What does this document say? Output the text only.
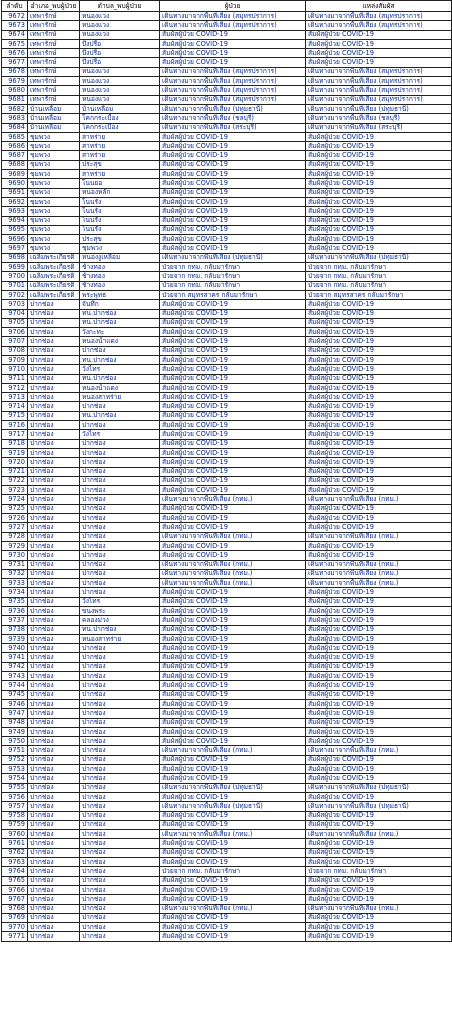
ลำดับ	อำเภอ_พบผู้ป่วย	ตำบล_พบผู้ป่วย	ผู้ป่วย	แหล่งสัมผัส
9672	เทพารักษ์	หนองแวง	เดินทางมาจากพื้นที่เสี่ยง (สมุทรปราการ)	เดินทางมาจากพื้นที่เสี่ยง (สมุทรปราการ)
9673	เทพารักษ์	หนองแวง	เดินทางมาจากพื้นที่เสี่ยง (สมุทรปราการ)	เดินทางมาจากพื้นที่เสี่ยง (สมุทรปราการ)
9674	เทพารักษ์	หนองแวง	สัมผัสผู้ป่วย COVID-19	สัมผัสผู้ป่วย COVID-19
9675	เทพารักษ์	บึงปรือ	สัมผัสผู้ป่วย COVID-19	สัมผัสผู้ป่วย COVID-19
9676	เทพารักษ์	บึงปรือ	สัมผัสผู้ป่วย COVID-19	สัมผัสผู้ป่วย COVID-19
9677	เทพารักษ์	บึงปรือ	สัมผัสผู้ป่วย COVID-19	สัมผัสผู้ป่วย COVID-19
9678	เทพารักษ์	หนองแวง	เดินทางมาจากพื้นที่เสี่ยง (สมุทรปราการ)	เดินทางมาจากพื้นที่เสี่ยง (สมุทรปราการ)
9679	เทพารักษ์	หนองแวง	เดินทางมาจากพื้นที่เสี่ยง (สมุทรปราการ)	เดินทางมาจากพื้นที่เสี่ยง (สมุทรปราการ)
9680	เทพารักษ์	หนองแวง	เดินทางมาจากพื้นที่เสี่ยง (สมุทรปราการ)	เดินทางมาจากพื้นที่เสี่ยง (สมุทรปราการ)
9681	เทพารักษ์	หนองแวง	เดินทางมาจากพื้นที่เสี่ยง (สมุทรปราการ)	เดินทางมาจากพื้นที่เสี่ยง (สมุทรปราการ)
9682	บ้านเหลื่อม	บ้านเหลื่อม	เดินทางมาจากพื้นที่เสี่ยง (ปทุมธานี)	เดินทางมาจากพื้นที่เสี่ยง (ปทุมธานี)
9683	บ้านเหลื่อม	โคกกระเบื้อง	เดินทางมาจากพื้นที่เสี่ยง (ชลบุรี)	เดินทางมาจากพื้นที่เสี่ยง (ชลบุรี)
9684	บ้านเหลื่อม	โคกกระเบื้อง	เดินทางมาจากพื้นที่เสี่ยง (สระบุรี)	เดินทางมาจากพื้นที่เสี่ยง (สระบุรี)
9685	ชุมพวง	สาหร่าย	สัมผัสผู้ป่วย COVID-19	สัมผัสผู้ป่วย COVID-19
9686	ชุมพวง	สาหร่าย	สัมผัสผู้ป่วย COVID-19	สัมผัสผู้ป่วย COVID-19
9687	ชุมพวง	สาหร่าย	สัมผัสผู้ป่วย COVID-19	สัมผัสผู้ป่วย COVID-19
9688	ชุมพวง	ประสุข	สัมผัสผู้ป่วย COVID-19	สัมผัสผู้ป่วย COVID-19
9689	ชุมพวง	สาหร่าย	สัมผัสผู้ป่วย COVID-19	สัมผัสผู้ป่วย COVID-19
9690	ชุมพวง	โนนยอ	สัมผัสผู้ป่วย COVID-19	สัมผัสผู้ป่วย COVID-19
9691	ชุมพวง	หนองหลัก	สัมผัสผู้ป่วย COVID-19	สัมผัสผู้ป่วย COVID-19
9692	ชุมพวง	โนนรัง	สัมผัสผู้ป่วย COVID-19	สัมผัสผู้ป่วย COVID-19
9693	ชุมพวง	โนนรัง	สัมผัสผู้ป่วย COVID-19	สัมผัสผู้ป่วย COVID-19
9694	ชุมพวง	โนนรัง	สัมผัสผู้ป่วย COVID-19	สัมผัสผู้ป่วย COVID-19
9695	ชุมพวง	โนนรัง	สัมผัสผู้ป่วย COVID-19	สัมผัสผู้ป่วย COVID-19
9696	ชุมพวง	ประสุข	สัมผัสผู้ป่วย COVID-19	สัมผัสผู้ป่วย COVID-19
9697	ชุมพวง	ชุมพวง	สัมผัสผู้ป่วย COVID-19	สัมผัสผู้ป่วย COVID-19
9698	เฉลิมพระเกียรติ	หนองงูเหลือม	เดินทางมาจากพื้นที่เสี่ยง (ปทุมธานี)	เดินทางมาจากพื้นที่เสี่ยง (ปทุมธานี)
9699	เฉลิมพระเกียรติ	ช้างทอง	ป่วยจาก กทม. กลับมารักษา	ป่วยจาก กทม. กลับมารักษา
9700	เฉลิมพระเกียรติ	ช้างทอง	ป่วยจาก กทม. กลับมารักษา	ป่วยจาก กทม. กลับมารักษา
9701	เฉลิมพระเกียรติ	ช้างทอง	ป่วยจาก กทม. กลับมารักษา	ป่วยจาก กทม. กลับมารักษา
9702	เฉลิมพระเกียรติ	พระพุทธ	ป่วยจาก สมุทรสาคร กลับมารักษา	ป่วยจาก สมุทรสาคร กลับมารักษา
9703	ปากช่อง	จันทึก	สัมผัสผู้ป่วย COVID-19	สัมผัสผู้ป่วย COVID-19
9704	ปากช่อง	ทน.ปากช่อง	สัมผัสผู้ป่วย COVID-19	สัมผัสผู้ป่วย COVID-19
9705	ปากช่อง	ทน.ปากช่อง	สัมผัสผู้ป่วย COVID-19	สัมผัสผู้ป่วย COVID-19
9706	ปากช่อง	วังกะทะ	สัมผัสผู้ป่วย COVID-19	สัมผัสผู้ป่วย COVID-19
9707	ปากช่อง	หนองน้ำแดง	สัมผัสผู้ป่วย COVID-19	สัมผัสผู้ป่วย COVID-19
9708	ปากช่อง	ปากช่อง	สัมผัสผู้ป่วย COVID-19	สัมผัสผู้ป่วย COVID-19
9709	ปากช่อง	ทน.ปากช่อง	สัมผัสผู้ป่วย COVID-19	สัมผัสผู้ป่วย COVID-19
9710	ปากช่อง	วังไทร	สัมผัสผู้ป่วย COVID-19	สัมผัสผู้ป่วย COVID-19
9711	ปากช่อง	ทน.ปากช่อง	สัมผัสผู้ป่วย COVID-19	สัมผัสผู้ป่วย COVID-19
9712	ปากช่อง	หนองน้ำแดง	สัมผัสผู้ป่วย COVID-19	สัมผัสผู้ป่วย COVID-19
9713	ปากช่อง	หนองสาหร่าย	สัมผัสผู้ป่วย COVID-19	สัมผัสผู้ป่วย COVID-19
9714	ปากช่อง	ปากช่อง	สัมผัสผู้ป่วย COVID-19	สัมผัสผู้ป่วย COVID-19
9715	ปากช่อง	ทน.ปากช่อง	สัมผัสผู้ป่วย COVID-19	สัมผัสผู้ป่วย COVID-19
9716	ปากช่อง	ปากช่อง	สัมผัสผู้ป่วย COVID-19	สัมผัสผู้ป่วย COVID-19
9717	ปากช่อง	วังไทร	สัมผัสผู้ป่วย COVID-19	สัมผัสผู้ป่วย COVID-19
9718	ปากช่อง	ปากช่อง	สัมผัสผู้ป่วย COVID-19	สัมผัสผู้ป่วย COVID-19
9719	ปากช่อง	ปากช่อง	สัมผัสผู้ป่วย COVID-19	สัมผัสผู้ป่วย COVID-19
9720	ปากช่อง	ปากช่อง	สัมผัสผู้ป่วย COVID-19	สัมผัสผู้ป่วย COVID-19
9721	ปากช่อง	ปากช่อง	สัมผัสผู้ป่วย COVID-19	สัมผัสผู้ป่วย COVID-19
9722	ปากช่อง	ปากช่อง	สัมผัสผู้ป่วย COVID-19	สัมผัสผู้ป่วย COVID-19
9723	ปากช่อง	ปากช่อง	สัมผัสผู้ป่วย COVID-19	สัมผัสผู้ป่วย COVID-19
9724	ปากช่อง	ปากช่อง	เดินทางมาจากพื้นที่เสี่ยง (กทม.)	เดินทางมาจากพื้นที่เสี่ยง (กทม.)
9725	ปากช่อง	ปากช่อง	สัมผัสผู้ป่วย COVID-19	สัมผัสผู้ป่วย COVID-19
9726	ปากช่อง	ปากช่อง	สัมผัสผู้ป่วย COVID-19	สัมผัสผู้ป่วย COVID-19
9727	ปากช่อง	ปากช่อง	สัมผัสผู้ป่วย COVID-19	สัมผัสผู้ป่วย COVID-19
9728	ปากช่อง	ปากช่อง	เดินทางมาจากพื้นที่เสี่ยง (กทม.)	เดินทางมาจากพื้นที่เสี่ยง (กทม.)
9729	ปากช่อง	ปากช่อง	สัมผัสผู้ป่วย COVID-19	สัมผัสผู้ป่วย COVID-19
9730	ปากช่อง	ปากช่อง	สัมผัสผู้ป่วย COVID-19	สัมผัสผู้ป่วย COVID-19
9731	ปากช่อง	ปากช่อง	เดินทางมาจากพื้นที่เสี่ยง (กทม.)	เดินทางมาจากพื้นที่เสี่ยง (กทม.)
9732	ปากช่อง	ปากช่อง	เดินทางมาจากพื้นที่เสี่ยง (กทม.)	เดินทางมาจากพื้นที่เสี่ยง (กทม.)
9733	ปากช่อง	ปากช่อง	เดินทางมาจากพื้นที่เสี่ยง (กทม.)	เดินทางมาจากพื้นที่เสี่ยง (กทม.)
9734	ปากช่อง	ปากช่อง	สัมผัสผู้ป่วย COVID-19	สัมผัสผู้ป่วย COVID-19
9735	ปากช่อง	วังไทร	สัมผัสผู้ป่วย COVID-19	สัมผัสผู้ป่วย COVID-19
9736	ปากช่อง	ขนงพระ	สัมผัสผู้ป่วย COVID-19	สัมผัสผู้ป่วย COVID-19
9737	ปากช่อง	คลองม่วง	สัมผัสผู้ป่วย COVID-19	สัมผัสผู้ป่วย COVID-19
9738	ปากช่อง	ทน.ปากช่อง	สัมผัสผู้ป่วย COVID-19	สัมผัสผู้ป่วย COVID-19
9739	ปากช่อง	หนองสาหร่าย	สัมผัสผู้ป่วย COVID-19	สัมผัสผู้ป่วย COVID-19
9740	ปากช่อง	ปากช่อง	สัมผัสผู้ป่วย COVID-19	สัมผัสผู้ป่วย COVID-19
9741	ปากช่อง	ปากช่อง	สัมผัสผู้ป่วย COVID-19	สัมผัสผู้ป่วย COVID-19
9742	ปากช่อง	ปากช่อง	สัมผัสผู้ป่วย COVID-19	สัมผัสผู้ป่วย COVID-19
9743	ปากช่อง	ปากช่อง	สัมผัสผู้ป่วย COVID-19	สัมผัสผู้ป่วย COVID-19
9744	ปากช่อง	ปากช่อง	สัมผัสผู้ป่วย COVID-19	สัมผัสผู้ป่วย COVID-19
9745	ปากช่อง	ปากช่อง	สัมผัสผู้ป่วย COVID-19	สัมผัสผู้ป่วย COVID-19
9746	ปากช่อง	ปากช่อง	สัมผัสผู้ป่วย COVID-19	สัมผัสผู้ป่วย COVID-19
9747	ปากช่อง	ปากช่อง	สัมผัสผู้ป่วย COVID-19	สัมผัสผู้ป่วย COVID-19
9748	ปากช่อง	ปากช่อง	สัมผัสผู้ป่วย COVID-19	สัมผัสผู้ป่วย COVID-19
9749	ปากช่อง	ปากช่อง	สัมผัสผู้ป่วย COVID-19	สัมผัสผู้ป่วย COVID-19
9750	ปากช่อง	ปากช่อง	สัมผัสผู้ป่วย COVID-19	สัมผัสผู้ป่วย COVID-19
9751	ปากช่อง	ปากช่อง	เดินทางมาจากพื้นที่เสี่ยง (กทม.)	เดินทางมาจากพื้นที่เสี่ยง (กทม.)
9752	ปากช่อง	ปากช่อง	สัมผัสผู้ป่วย COVID-19	สัมผัสผู้ป่วย COVID-19
9753	ปากช่อง	ปากช่อง	สัมผัสผู้ป่วย COVID-19	สัมผัสผู้ป่วย COVID-19
9754	ปากช่อง	ปากช่อง	สัมผัสผู้ป่วย COVID-19	สัมผัสผู้ป่วย COVID-19
9755	ปากช่อง	ปากช่อง	เดินทางมาจากพื้นที่เสี่ยง (ปทุมธานี)	เดินทางมาจากพื้นที่เสี่ยง (ปทุมธานี)
9756	ปากช่อง	ปากช่อง	สัมผัสผู้ป่วย COVID-19	สัมผัสผู้ป่วย COVID-19
9757	ปากช่อง	ปากช่อง	เดินทางมาจากพื้นที่เสี่ยง (ปทุมธานี)	เดินทางมาจากพื้นที่เสี่ยง (ปทุมธานี)
9758	ปากช่อง	ปากช่อง	สัมผัสผู้ป่วย COVID-19	สัมผัสผู้ป่วย COVID-19
9759	ปากช่อง	ปากช่อง	สัมผัสผู้ป่วย COVID-19	สัมผัสผู้ป่วย COVID-19
9760	ปากช่อง	ปากช่อง	เดินทางมาจากพื้นที่เสี่ยง (กทม.)	เดินทางมาจากพื้นที่เสี่ยง (กทม.)
9761	ปากช่อง	ปากช่อง	สัมผัสผู้ป่วย COVID-19	สัมผัสผู้ป่วย COVID-19
9762	ปากช่อง	ปากช่อง	สัมผัสผู้ป่วย COVID-19	สัมผัสผู้ป่วย COVID-19
9763	ปากช่อง	ปากช่อง	สัมผัสผู้ป่วย COVID-19	สัมผัสผู้ป่วย COVID-19
9764	ปากช่อง	ปากช่อง	ป่วยจาก กทม. กลับมารักษา	ป่วยจาก กทม. กลับมารักษา
9765	ปากช่อง	ปากช่อง	สัมผัสผู้ป่วย COVID-19	สัมผัสผู้ป่วย COVID-19
9766	ปากช่อง	ปากช่อง	สัมผัสผู้ป่วย COVID-19	สัมผัสผู้ป่วย COVID-19
9767	ปากช่อง	ปากช่อง	สัมผัสผู้ป่วย COVID-19	สัมผัสผู้ป่วย COVID-19
9768	ปากช่อง	ปากช่อง	เดินทางมาจากพื้นที่เสี่ยง (กทม.)	เดินทางมาจากพื้นที่เสี่ยง (กทม.)
9769	ปากช่อง	ปากช่อง	สัมผัสผู้ป่วย COVID-19	สัมผัสผู้ป่วย COVID-19
9770	ปากช่อง	ปากช่อง	สัมผัสผู้ป่วย COVID-19	สัมผัสผู้ป่วย COVID-19
9771	ปากช่อง	ปากช่อง	สัมผัสผู้ป่วย COVID-19	สัมผัสผู้ป่วย COVID-19
